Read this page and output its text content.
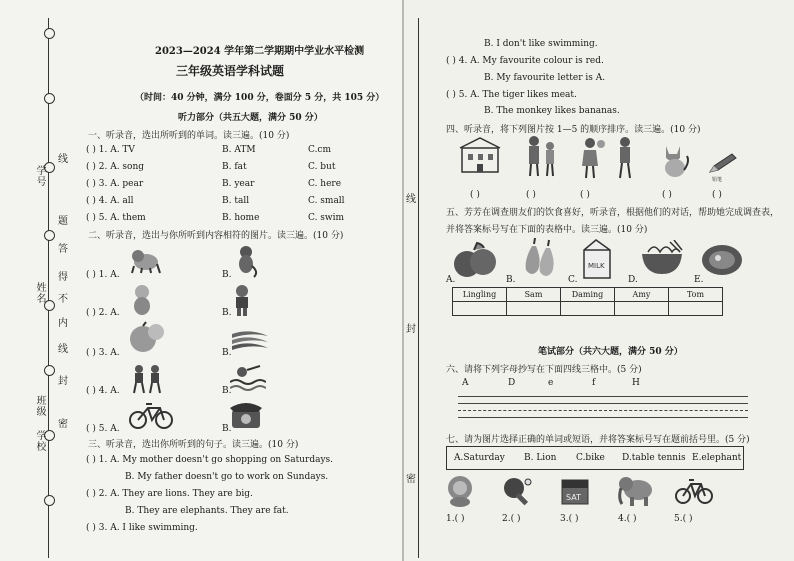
学号
姓名
班级
学校
线
题
答
得
不
内
线
封
密
2023—2024 学年第二学期期中学业水平检测
三年级英语学科试题
（时间：40 分钟，满分 100 分，卷面分 5 分，共 105 分）
听力部分（共五大题，满分 50 分）
一、听录音，选出所听到的单词。读三遍。(10 分)
( ) 1. A. TV	B. ATM	C.cm
( ) 2. A. song	B. fat	C. but
( ) 3. A. pear	B. year	C. here
( ) 4. A. all	B. tall	C. small
( ) 5. A. them	B. home	C. swim
二、听录音，选出与你所听到内容相符的图片。读三遍。(10 分)
( ) 1. A.	B.
( ) 2. A.	B.
( ) 3. A.	B.
( ) 4. A.	B.
( ) 5. A.	B.
三、听录音，选出你所听到的句子。读三遍。(10 分)
( ) 1. A. My mother doesn't go shopping on Saturdays.
B. My father doesn't go to work on Sundays.
( ) 2. A. They are lions. They are big.
B. They are elephants. They are fat.
( ) 3. A. I like swimming.
线
封
密
B. I don't like swimming.
( ) 4. A. My favourite colour is red.
B. My favourite letter is A.
( ) 5. A. The tiger likes meat.
B. The monkey likes bananas.
四、听录音，将下列图片按 1—5 的顺序排序。读三遍。(10 分)
铅笔
( )	( )	( )	( )	( )
五、芳芳在调查朋友们的饮食喜好，听录音，根据他们的对话，帮助她完成调查表，
并将答案标号写在下面的表格中。读三遍。(10 分)
MILK
A.	B.	C.	D.	E.
Lingling	Sam	Daming	Amy	Tom

笔试部分（共六大题，满分 50 分）
六、请将下列字母抄写在下面四线三格中。(5 分)
A	D	e	f	H
七、请为图片选择正确的单词或短语，并将答案标号写在题前括号里。(5 分)
A.Saturday B. Lion C.bike D.table tennis E.elephant
SAT
1.( )	2.( )	3.( )	4.( )	5.( )
